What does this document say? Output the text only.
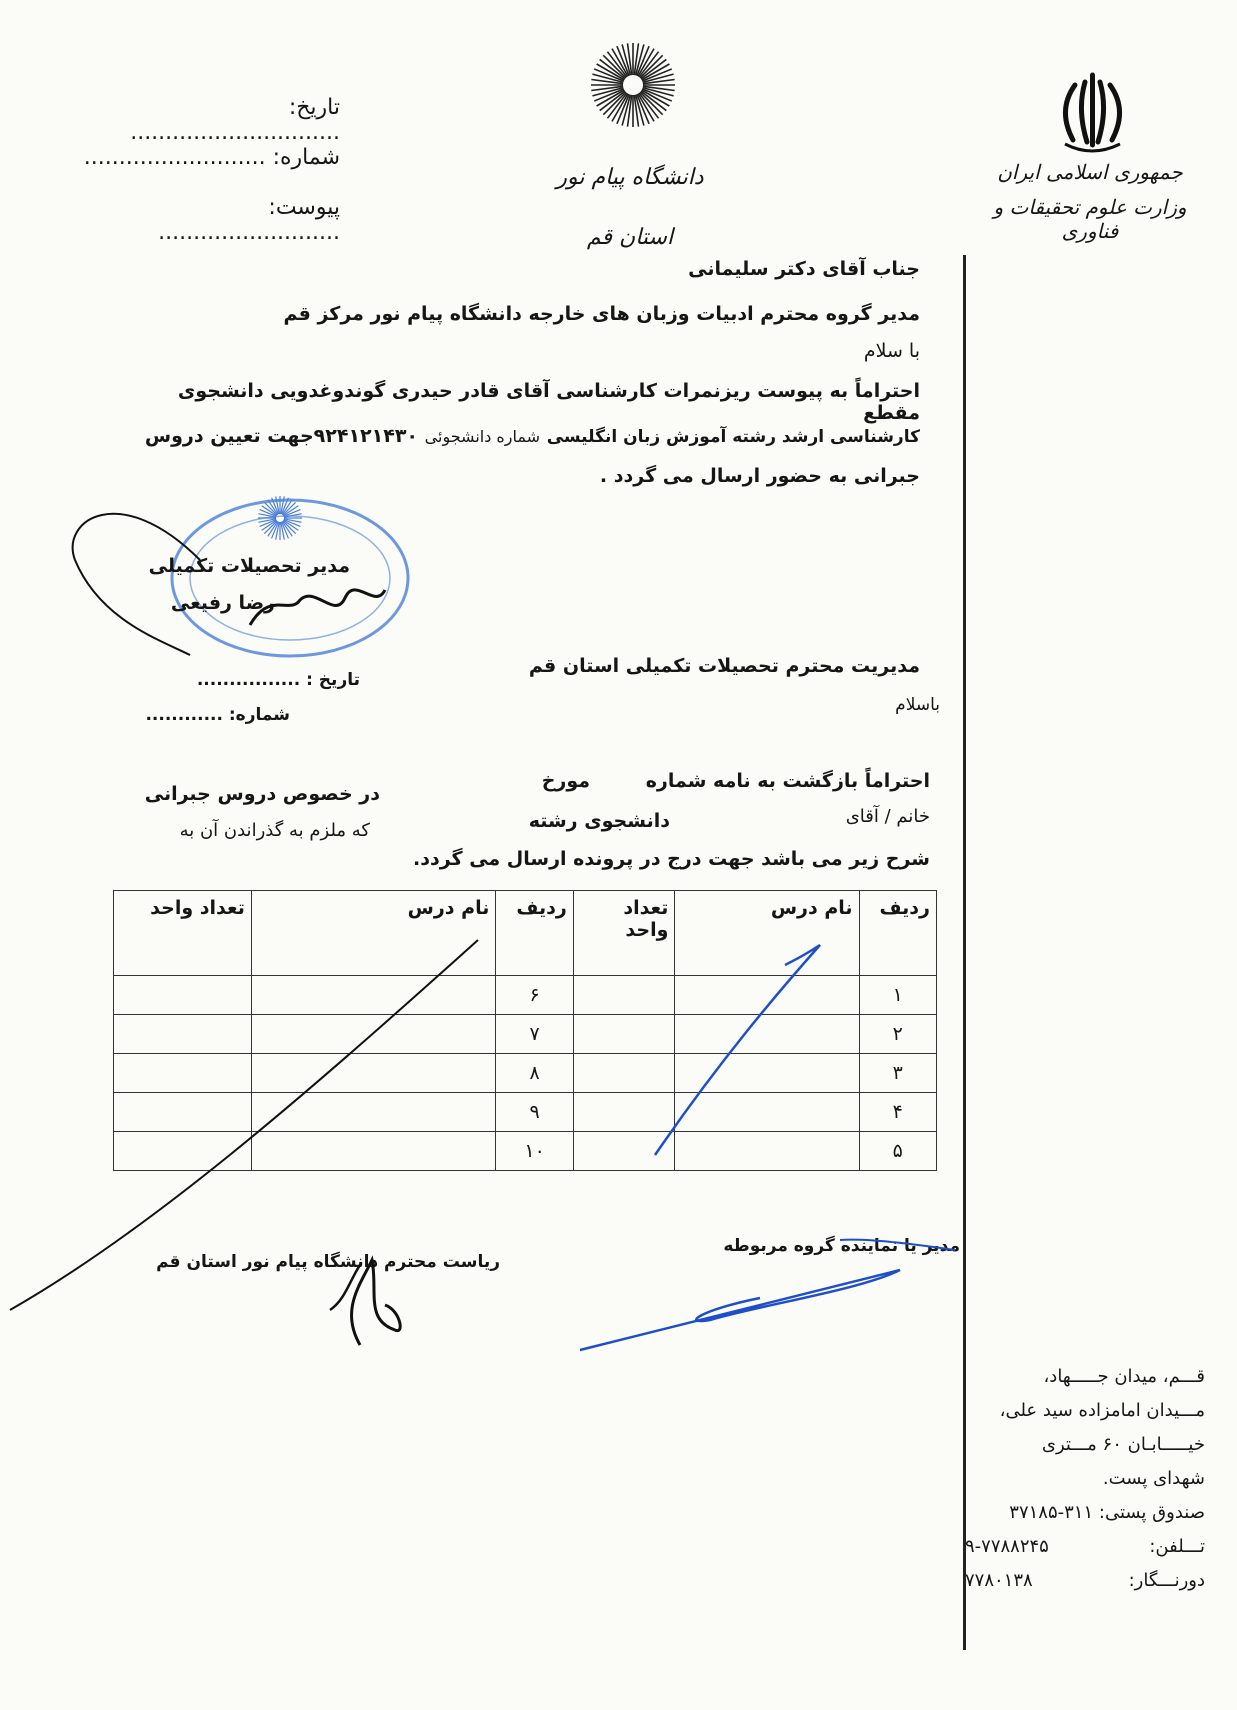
جمهوری اسلامی ایران
وزارت علوم تحقیقات و فناوری
دانشگاه پیام نور
استان قم
تاریخ: ..............................
شماره: ..........................
پیوست: ..........................
جناب آقای دکتر سلیمانی
مدیر گروه محترم ادبیات وزبان های خارجه دانشگاه پیام نور مرکز قم
با سلام
احتراماً به پیوست ریزنمرات کارشناسی آقای قادر حیدری گوندوغدویی دانشجوی مقطع
کارشناسی ارشد رشته آموزش زبان انگلیسی شماره دانشجوئی ۹۲۴۱۲۱۴۳۰جهت تعیین دروس
جبرانی به حضور ارسال می گردد .
مدیر تحصیلات تکمیلی
رضا رفیعی
تاریخ : ................
شماره: ............
مدیریت محترم تحصیلات تکمیلی استان قم
باسلام
احتراماً بازگشت به نامه شماره
مورخ
در خصوص دروس جبرانی
خانم / آقای
دانشجوی رشته
که ملزم به گذراندن آن به
شرح زیر می باشد جهت درج در پرونده ارسال می گردد.
ردیف	نام درس	تعداد واحد	ردیف	نام درس	تعداد واحد
۱			۶		
۲			۷		
۳			۸		
۴			۹		
۵			۱۰		
مدیر یا نماینده گروه مربوطه
ریاست محترم دانشگاه پیام نور استان قم
قـــم، میدان جـــــهاد،
مـــیدان امامزاده سید علی،
خیـــــابـان ۶۰ مـــتری
شهدای پست.
صندوق پستی: ۳۱۱-۳۷۱۸۵
تـــلفن:
۹-۷۷۸۸۲۴۵
دورنـــگار:
۷۷۸۰۱۳۸
